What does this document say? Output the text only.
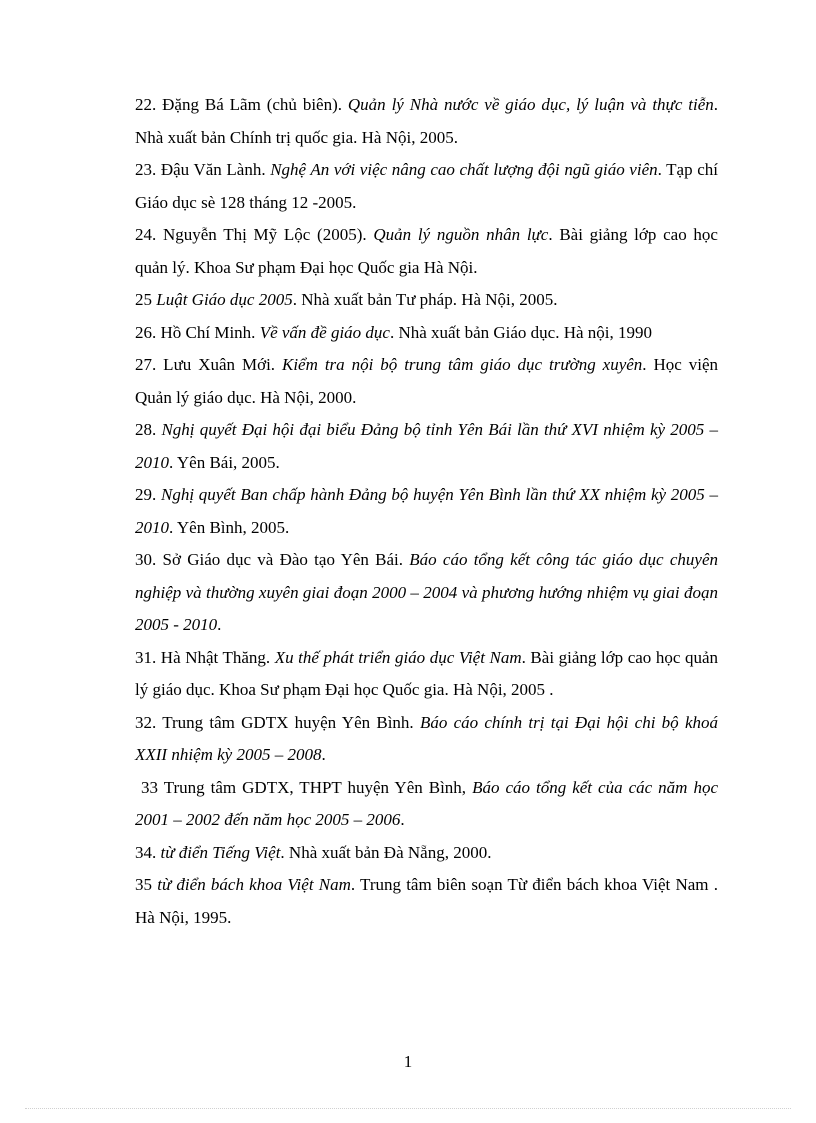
22. Đặng Bá Lãm (chủ biên). Quản lý Nhà nước về giáo dục, lý luận và thực tiễn. Nhà xuất bản Chính trị quốc gia. Hà Nội, 2005.

23. Đậu Văn Lành. Nghệ An với việc nâng cao chất lượng đội ngũ giáo viên. Tạp chí Giáo dục sè 128 tháng 12 -2005.

24. Nguyễn Thị Mỹ Lộc (2005). Quản lý nguồn nhân lực. Bài giảng lớp cao học quản lý. Khoa Sư phạm Đại học Quốc gia Hà Nội.

25 Luật Giáo dục 2005. Nhà xuất bản Tư pháp. Hà Nội, 2005.

26. Hồ Chí Minh. Về vấn đề giáo dục. Nhà xuất bản Giáo dục. Hà nội, 1990

27. Lưu Xuân Mới. Kiểm tra nội bộ trung tâm giáo dục trường xuyên. Học viện Quản lý giáo dục. Hà Nội, 2000.

28. Nghị quyết Đại hội đại biểu Đảng bộ tỉnh Yên Bái lần thứ XVI nhiệm kỳ 2005 – 2010. Yên Bái, 2005.

29. Nghị quyết Ban chấp hành Đảng bộ huyện Yên Bình lần thứ XX nhiệm kỳ 2005 – 2010. Yên Bình, 2005.

30. Sở Giáo dục và Đào tạo Yên Bái. Báo cáo tổng kết công tác giáo dục chuyên nghiệp và thường xuyên giai đoạn 2000 – 2004 và phương hướng nhiệm vụ giai đoạn 2005 - 2010.

31. Hà Nhật Thăng. Xu thế phát triển giáo dục Việt Nam. Bài giảng lớp cao học quản lý giáo dục. Khoa Sư phạm Đại học Quốc gia. Hà Nội, 2005 .

32. Trung tâm GDTX huyện Yên Bình. Báo cáo chính trị tại Đại hội chi bộ khoá XXII nhiệm kỳ 2005 – 2008.

33 Trung tâm GDTX, THPT huyện Yên Bình, Báo cáo tổng kết của các năm học 2001 – 2002 đến năm học 2005 – 2006.

34. từ điển Tiếng Việt. Nhà xuất bản Đà Nẵng, 2000.

35 từ điển bách khoa Việt Nam. Trung tâm biên soạn Từ điển bách khoa Việt Nam . Hà Nội, 1995.

1
